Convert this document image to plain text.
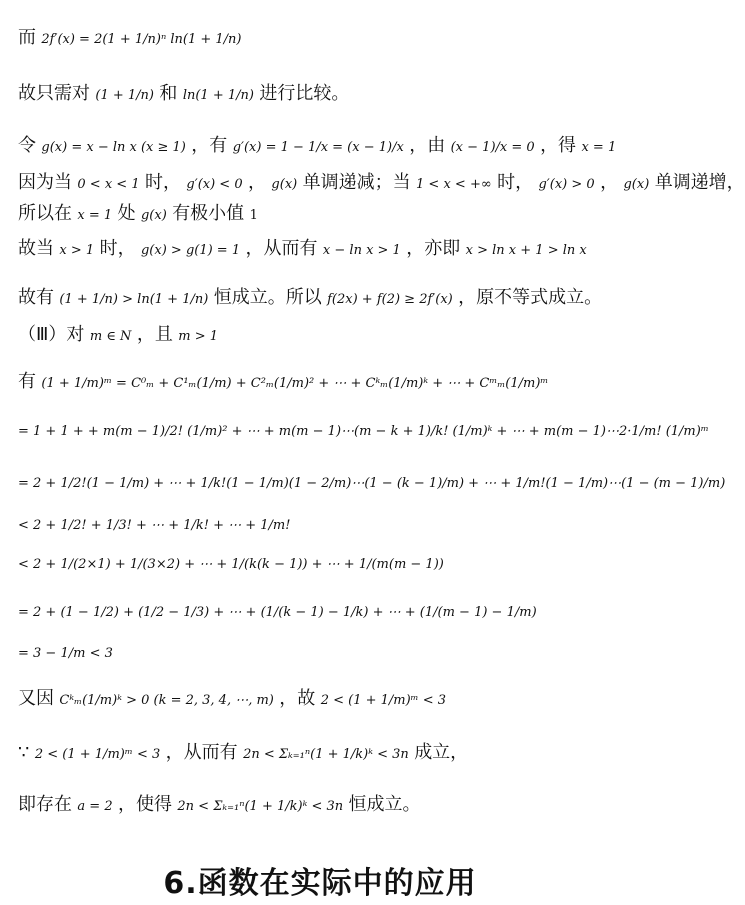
而 2f′(x) = 2(1 + 1/n)ⁿ ln(1 + 1/n)
故只需对 (1 + 1/n) 和 ln(1 + 1/n) 进行比较。
令 g(x) = x − ln x (x ≥ 1) ，有 g′(x) = 1 − 1/x = (x − 1)/x ，由 (x − 1)/x = 0 ，得 x = 1
因为当 0 < x < 1 时， g′(x) < 0 ， g(x) 单调递减；当 1 < x < +∞ 时， g′(x) > 0 ， g(x) 单调递增，
所以在 x = 1 处 g(x) 有极小值 1
故当 x > 1 时， g(x) > g(1) = 1 ，从而有 x − ln x > 1 ，亦即 x > ln x + 1 > ln x
故有 (1 + 1/n) > ln(1 + 1/n) 恒成立。所以 f(2x) + f(2) ≥ 2f′(x) ，原不等式成立。
（Ⅲ）对 m ∈ N ，且 m > 1
有 (1 + 1/m)ᵐ = C⁰ₘ + C¹ₘ(1/m) + C²ₘ(1/m)² + ⋯ + Cᵏₘ(1/m)ᵏ + ⋯ + Cᵐₘ(1/m)ᵐ
= 1 + 1 + + m(m − 1)/2! (1/m)² + ⋯ + m(m − 1)⋯(m − k + 1)/k! (1/m)ᵏ + ⋯ + m(m − 1)⋯2·1/m! (1/m)ᵐ
= 2 + 1/2!(1 − 1/m) + ⋯ + 1/k!(1 − 1/m)(1 − 2/m)⋯(1 − (k − 1)/m) + ⋯ + 1/m!(1 − 1/m)⋯(1 − (m − 1)/m)
< 2 + 1/2! + 1/3! + ⋯ + 1/k! + ⋯ + 1/m!
< 2 + 1/(2×1) + 1/(3×2) + ⋯ + 1/(k(k − 1)) + ⋯ + 1/(m(m − 1))
= 2 + (1 − 1/2) + (1/2 − 1/3) + ⋯ + (1/(k − 1) − 1/k) + ⋯ + (1/(m − 1) − 1/m)
= 3 − 1/m < 3
又因 Cᵏₘ(1/m)ᵏ > 0 (k = 2, 3, 4, ⋯, m) ，故 2 < (1 + 1/m)ᵐ < 3
∵ 2 < (1 + 1/m)ᵐ < 3 ，从而有 2n < Σₖ₌₁ⁿ(1 + 1/k)ᵏ < 3n 成立，
即存在 a = 2 ，使得 2n < Σₖ₌₁ⁿ(1 + 1/k)ᵏ < 3n 恒成立。
6.函数在实际中的应用
